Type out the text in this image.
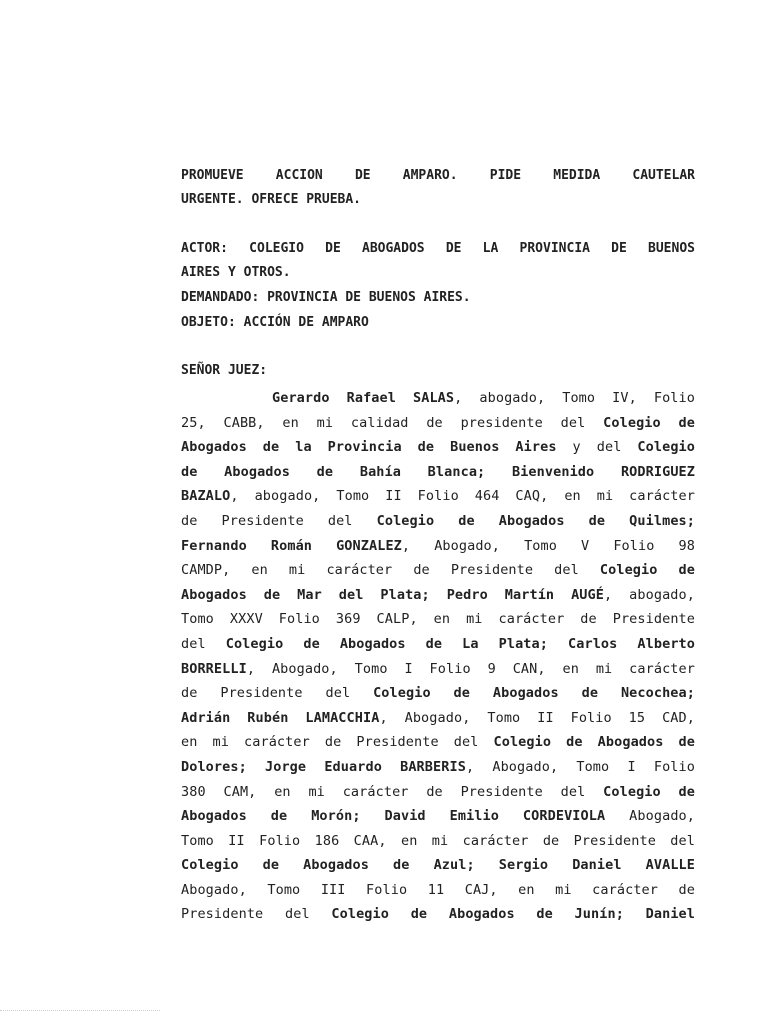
PROMUEVE ACCION DE AMPARO. PIDE MEDIDA CAUTELAR
URGENTE. OFRECE PRUEBA.
ACTOR: COLEGIO DE ABOGADOS DE LA PROVINCIA DE BUENOS
AIRES Y OTROS.
DEMANDADO: PROVINCIA DE BUENOS AIRES.
OBJETO: ACCIÓN DE AMPARO
SEÑOR JUEZ:
Gerardo Rafael SALAS, abogado, Tomo IV, Folio
25, CABB, en mi calidad de presidente del Colegio de
Abogados de la Provincia de Buenos Aires y del Colegio
de Abogados de Bahía Blanca; Bienvenido RODRIGUEZ
BAZALO, abogado, Tomo II Folio 464 CAQ, en mi carácter
de Presidente del Colegio de Abogados de Quilmes;
Fernando Román GONZALEZ, Abogado, Tomo V Folio 98
CAMDP, en mi carácter de Presidente del Colegio de
Abogados de Mar del Plata; Pedro Martín AUGÉ, abogado,
Tomo XXXV Folio 369 CALP, en mi carácter de Presidente
del Colegio de Abogados de La Plata; Carlos Alberto
BORRELLI, Abogado, Tomo I Folio 9 CAN, en mi carácter
de Presidente del Colegio de Abogados de Necochea;
Adrián Rubén LAMACCHIA, Abogado, Tomo II Folio 15 CAD,
en mi carácter de Presidente del Colegio de Abogados de
Dolores; Jorge Eduardo BARBERIS, Abogado, Tomo I Folio
380 CAM, en mi carácter de Presidente del Colegio de
Abogados de Morón; David Emilio CORDEVIOLA Abogado,
Tomo II Folio 186 CAA, en mi carácter de Presidente del
Colegio de Abogados de Azul; Sergio Daniel AVALLE
Abogado, Tomo III Folio 11 CAJ, en mi carácter de
Presidente del Colegio de Abogados de Junín; Daniel
